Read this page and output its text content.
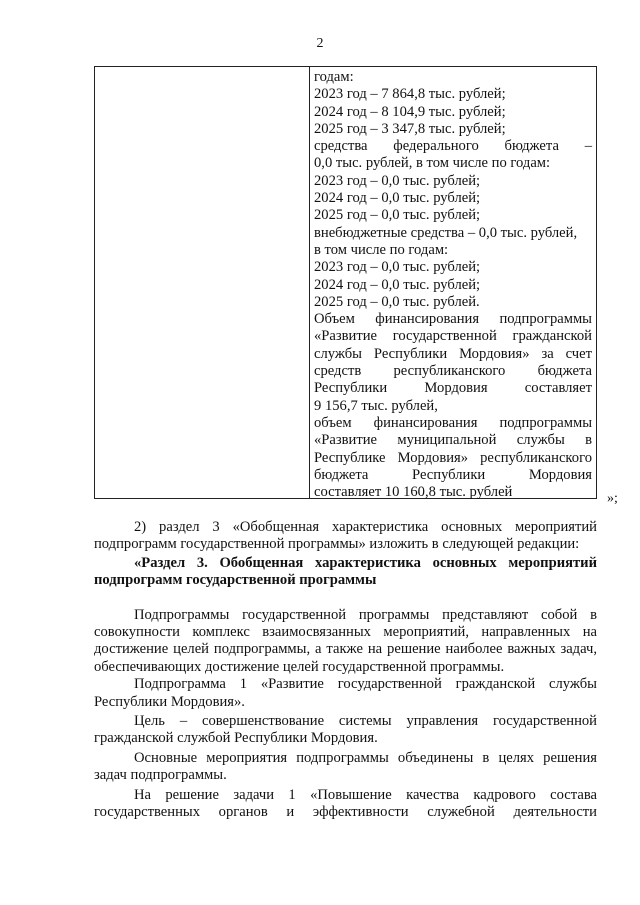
2
годам:
2023 год – 7 864,8 тыс. рублей;
2024 год – 8 104,9 тыс. рублей;
2025 год – 3 347,8 тыс. рублей;
средства федерального бюджета –
0,0 тыс. рублей, в том числе по годам:
2023 год – 0,0 тыс. рублей;
2024 год – 0,0 тыс. рублей;
2025 год – 0,0 тыс. рублей;
внебюджетные средства – 0,0 тыс. рублей,
в том числе по годам:
2023 год – 0,0 тыс. рублей;
2024 год – 0,0 тыс. рублей;
2025 год – 0,0 тыс. рублей.
Объем финансирования подпрограммы
«Развитие государственной гражданской
службы Республики Мордовия» за счет
средств республиканского бюджета
Республики Мордовия составляет
9 156,7 тыс. рублей,
объем финансирования подпрограммы
«Развитие муниципальной службы в
Республике Мордовия» республиканского
бюджета Республики Мордовия
составляет 10 160,8 тыс. рублей	»;

2) раздел 3 «Обобщенная характеристика основных мероприятий подпрограмм государственной программы» изложить в следующей редакции:

«Раздел 3. Обобщенная характеристика основных мероприятий подпрограмм государственной программы

Подпрограммы государственной программы представляют собой в совокупности комплекс взаимосвязанных мероприятий, направленных на достижение целей подпрограммы, а также на решение наиболее важных задач, обеспечивающих достижение целей государственной программы.

Подпрограмма 1 «Развитие государственной гражданской службы Республики Мордовия».

Цель – совершенствование системы управления государственной гражданской службой Республики Мордовия.

Основные мероприятия подпрограммы объединены в целях решения задач подпрограммы.

На решение задачи 1 «Повышение качества кадрового состава государственных органов и эффективности служебной деятельности
